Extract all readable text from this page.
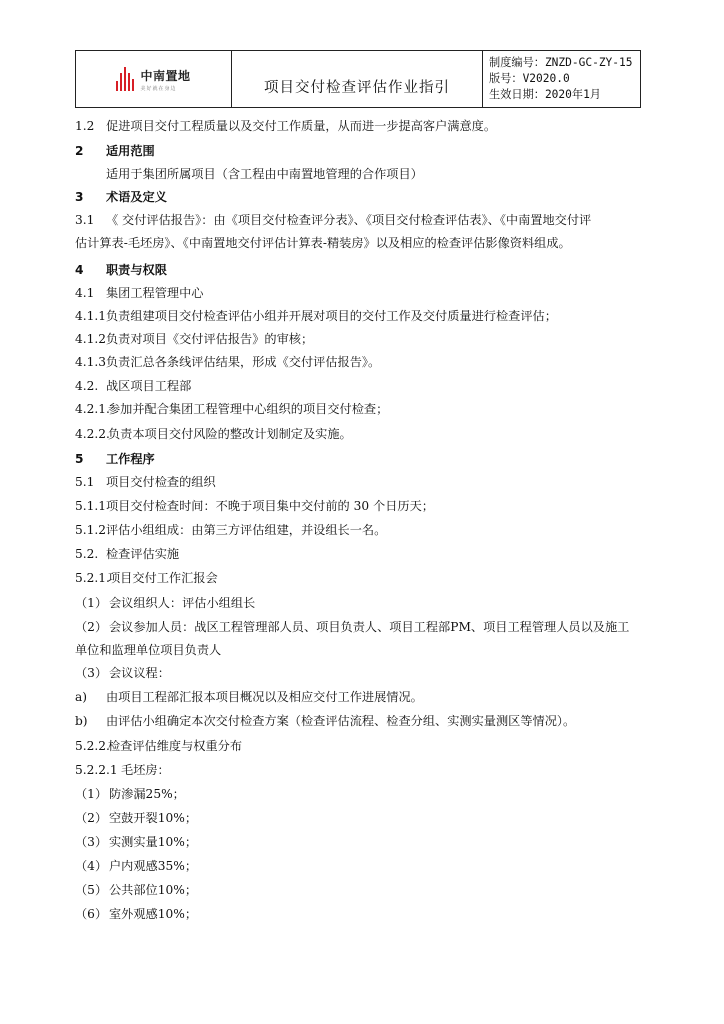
中南置地
美好就在身边	项目交付检查评估作业指引
制度编号：ZNZD-GC-ZY-15
版号：V2020.0
生效日期：2020年1月
1.2 促进项目交付工程质量以及交付工作质量，从而进一步提高客户满意度。
2 适用范围
适用于集团所属项目（含工程由中南置地管理的合作项目）
3 术语及定义
3.1 《 交付评估报告》：由《项目交付检查评分表》、《项目交付检查评估表》、《中南置地交付评
估计算表-毛坯房》、《中南置地交付评估计算表-精装房》以及相应的检查评估影像资料组成。
4 职责与权限
4.1 集团工程管理中心
4.1.1负责组建项目交付检查评估小组并开展对项目的交付工作及交付质量进行检查评估；
4.1.2负责对项目《交付评估报告》的审核；
4.1.3负责汇总各条线评估结果，形成《交付评估报告》。
4.2. 战区项目工程部
4.2.1.参加并配合集团工程管理中心组织的项目交付检查；
4.2.2.负责本项目交付风险的整改计划制定及实施。
5 工作程序
5.1 项目交付检查的组织
5.1.1项目交付检查时间：不晚于项目集中交付前的 30 个日历天；
5.1.2评估小组组成：由第三方评估组建，并设组长一名。
5.2. 检查评估实施
5.2.1.项目交付工作汇报会
（1） 会议组织人：评估小组组长
（2） 会议参加人员：战区工程管理部人员、项目负责人、项目工程部PM、项目工程管理人员以及施工
单位和监理单位项目负责人
（3） 会议议程：
a) 由项目工程部汇报本项目概况以及相应交付工作进展情况。
b) 由评估小组确定本次交付检查方案（检查评估流程、检查分组、实测实量测区等情况）。
5.2.2.检查评估维度与权重分布
5.2.2.1 毛坯房：
（1） 防渗漏25%；
（2） 空鼓开裂10%；
（3） 实测实量10%；
（4） 户内观感35%；
（5） 公共部位10%；
（6） 室外观感10%；
